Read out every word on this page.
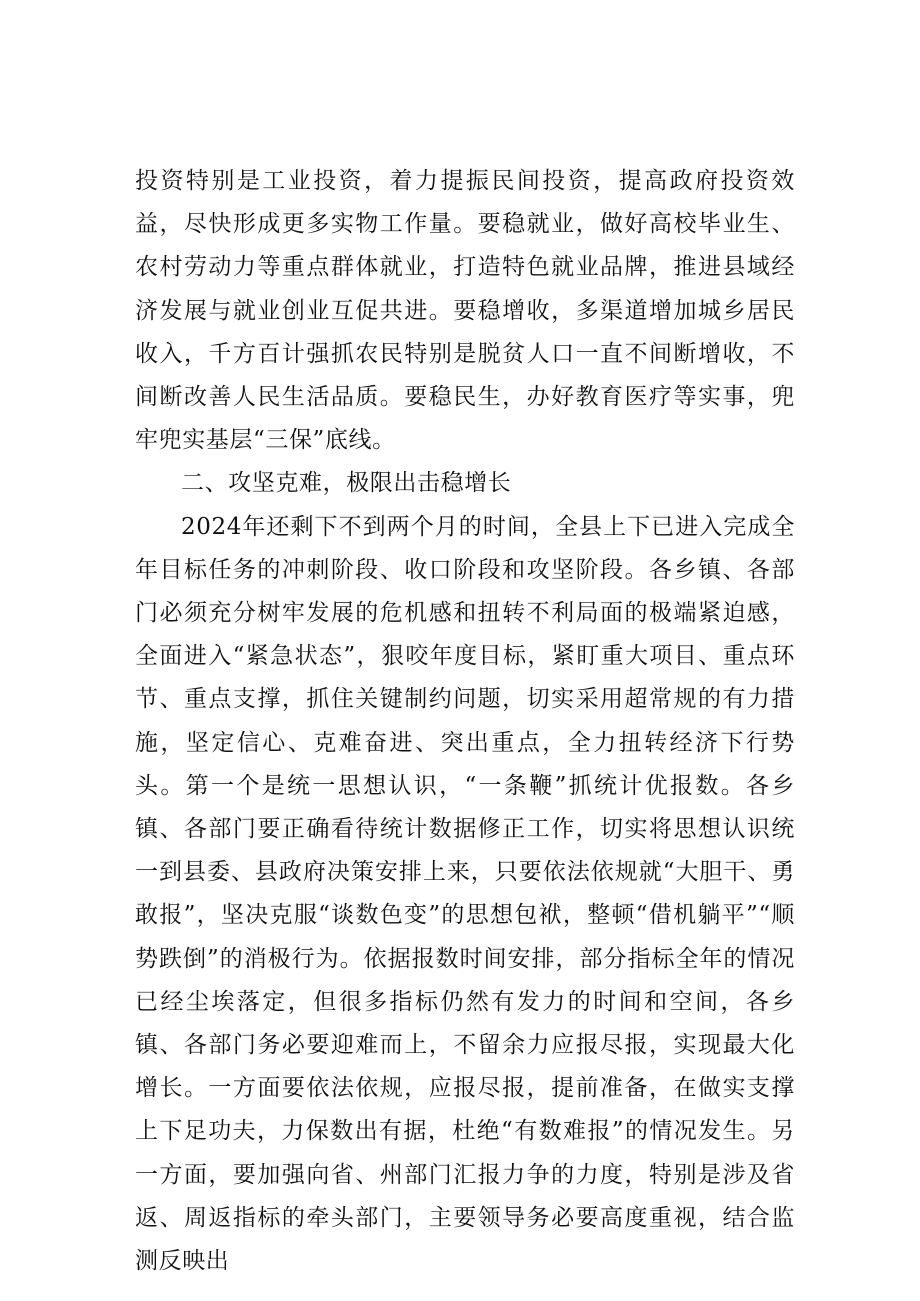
投资特别是工业投资，着力提振民间投资，提高政府投资效益，尽快形成更多实物工作量。要稳就业，做好高校毕业生、农村劳动力等重点群体就业，打造特色就业品牌，推进县域经济发展与就业创业互促共进。要稳增收，多渠道增加城乡居民收入，千方百计强抓农民特别是脱贫人口一直不间断增收，不间断改善人民生活品质。要稳民生，办好教育医疗等实事，兜牢兜实基层“三保”底线。

二、攻坚克难，极限出击稳增长

2024年还剩下不到两个月的时间，全县上下已进入完成全年目标任务的冲刺阶段、收口阶段和攻坚阶段。各乡镇、各部门必须充分树牢发展的危机感和扭转不利局面的极端紧迫感，全面进入“紧急状态”，狠咬年度目标，紧盯重大项目、重点环节、重点支撑，抓住关键制约问题，切实采用超常规的有力措施，坚定信心、克难奋进、突出重点，全力扭转经济下行势头。第一个是统一思想认识，“一条鞭”抓统计优报数。各乡镇、各部门要正确看待统计数据修正工作，切实将思想认识统一到县委、县政府决策安排上来，只要依法依规就“大胆干、勇敢报”，坚决克服“谈数色变”的思想包袱，整顿“借机躺平”“顺势跌倒”的消极行为。依据报数时间安排，部分指标全年的情况已经尘埃落定，但很多指标仍然有发力的时间和空间，各乡镇、各部门务必要迎难而上，不留余力应报尽报，实现最大化增长。一方面要依法依规，应报尽报，提前准备，在做实支撑上下足功夫，力保数出有据，杜绝“有数难报”的情况发生。另一方面，要加强向省、州部门汇报力争的力度，特别是涉及省返、周返指标的牵头部门，主要领导务必要高度重视，结合监测反映出
